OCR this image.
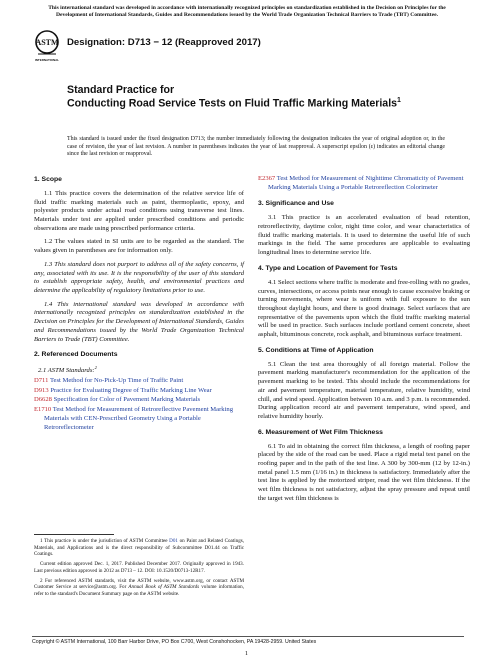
This international standard was developed in accordance with internationally recognized principles on standardization established in the Decision on Principles for the Development of International Standards, Guides and Recommendations issued by the World Trade Organization Technical Barriers to Trade (TBT) Committee.
ASTM
INTERNATIONAL
Designation: D713 − 12 (Reapproved 2017)
Standard Practice for
Conducting Road Service Tests on Fluid Traffic Marking Materials$^1$
This standard is issued under the fixed designation D713; the number immediately following the designation indicates the year of original adoption or, in the case of revision, the year of last revision. A number in parentheses indicates the year of last reapproval. A superscript epsilon (ε) indicates an editorial change since the last revision or reapproval.
1. Scope

1.1 This practice covers the determination of the relative service life of fluid traffic marking materials such as paint, thermoplastic, epoxy, and polyester products under actual road conditions using transverse test lines. Materials under test are applied under prescribed conditions and periodic observations are made using prescribed performance criteria.

1.2 The values stated in SI units are to be regarded as the standard. The values given in parentheses are for information only.

1.3 This standard does not purport to address all of the safety concerns, if any, associated with its use. It is the responsibility of the user of this standard to establish appropriate safety, health, and environmental practices and determine the applicability of regulatory limitations prior to use.

1.4 This international standard was developed in accordance with internationally recognized principles on standardization established in the Decision on Principles for the Development of International Standards, Guides and Recommendations issued by the World Trade Organization Technical Barriers to Trade (TBT) Committee.

2. Referenced Documents
2.1 ASTM Standards:$^2$
D711 Test Method for No-Pick-Up Time of Traffic Paint
D913 Practice for Evaluating Degree of Traffic Marking Line Wear
D6628 Specification for Color of Pavement Marking Materials
E1710 Test Method for Measurement of Retroreflective Pavement Marking Materials with CEN-Prescribed Geometry Using a Portable Retroreflectometer

1 This practice is under the jurisdiction of ASTM Committee D01 on Paint and Related Coatings, Materials, and Applications and is the direct responsibility of Subcommittee D01.44 on Traffic Coatings.

Current edition approved Dec. 1, 2017. Published December 2017. Originally approved in 1943. Last previous edition approved in 2012 as D713 – 12. DOI: 10.1520/D0713-12R17.

2 For referenced ASTM standards, visit the ASTM website, www.astm.org, or contact ASTM Customer Service at service@astm.org. For Annual Book of ASTM Standards volume information, refer to the standard's Document Summary page on the ASTM website.

E2367 Test Method for Measurement of Nighttime Chromaticity of Pavement Marking Materials Using a Portable Retroreflection Colorimeter
3. Significance and Use

3.1 This practice is an accelerated evaluation of bead retention, retroreflectivity, daytime color, night time color, and wear characteristics of fluid traffic marking materials. It is used to determine the useful life of such markings in the field. The same procedures are applicable to evaluating longitudinal lines to determine service life.

4. Type and Location of Pavement for Tests

4.1 Select sections where traffic is moderate and free-rolling with no grades, curves, intersections, or access points near enough to cause excessive braking or turning movements, where wear is uniform with full exposure to the sun throughout daylight hours, and there is good drainage. Select surfaces that are representative of the pavements upon which the fluid traffic marking material will be used in practice. Such surfaces include portland cement concrete, sheet asphalt, bituminous concrete, rock asphalt, and bituminous surface treatment.

5. Conditions at Time of Application

5.1 Clean the test area thoroughly of all foreign material. Follow the pavement marking manufacturer's recommendation for the application of the pavement marking to be tested. This should include the recommendations for air and pavement temperature, material temperature, relative humidity, wind chill, and wind speed. Application between 10 a.m. and 3 p.m. is recommended. During application record air and pavement temperature, wind speed, and relative humidity hourly.

6. Measurement of Wet Film Thickness

6.1 To aid in obtaining the correct film thickness, a length of roofing paper placed by the side of the road can be used. Place a rigid metal test panel on the roofing paper and in the path of the test line. A 300 by 300-mm (12 by 12-in.) metal panel 1.5 mm (1/16 in.) in thickness is satisfactory. Immediately after the test line is applied by the motorized striper, read the wet film thickness. If the wet film thickness is not satisfactory, adjust the spray pressure and repeat until the target wet film thickness is

Copyright © ASTM International, 100 Barr Harbor Drive, PO Box C700, West Conshohocken, PA 19428-2959. United States
1
